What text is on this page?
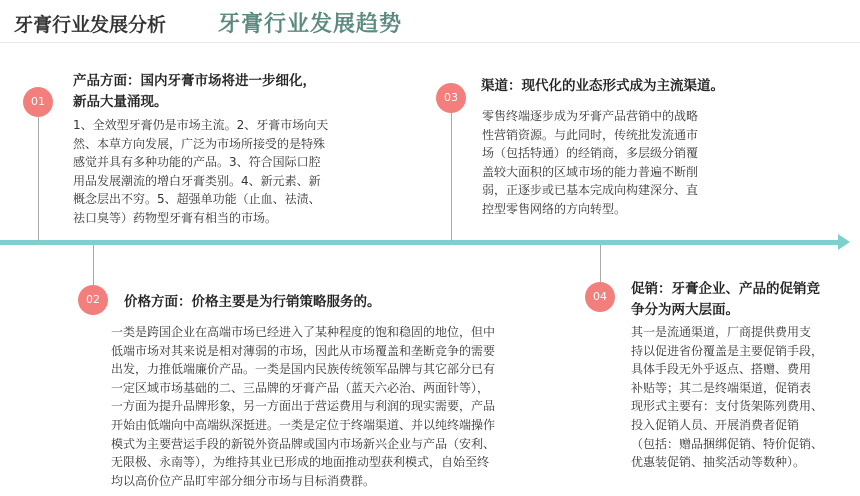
牙膏行业发展分析 牙膏行业发展趋势
01
产品方面：国内牙膏市场将进一步细化，
新品大量涌现。
1、全效型牙膏仍是市场主流。2、牙膏市场向天
然、本草方向发展，广泛为市场所接受的是特殊
感觉并具有多种功能的产品。3、符合国际口腔
用品发展潮流的增白牙膏类别。4、新元素、新
概念层出不穷。5、超强单功能（止血、祛渍、
祛口臭等）药物型牙膏有相当的市场。
02	价格方面：价格主要是为行销策略服务的。
一类是跨国企业在高端市场已经进入了某种程度的饱和稳固的地位，但中
低端市场对其来说是相对薄弱的市场，因此从市场覆盖和垄断竞争的需要
出发，力推低端廉价产品。一类是国内民族传统领军品牌与其它部分已有
一定区域市场基础的二、三品牌的牙膏产品（蓝天六必治、两面针等），
一方面为提升品牌形象，另一方面出于营运费用与利润的现实需要，产品
开始由低端向中高端纵深挺进。一类是定位于终端渠道、并以纯终端操作
模式为主要营运手段的新锐外资品牌或国内市场新兴企业与产品（安利、
无限极、永南等），为维持其业已形成的地面推动型获利模式，自始至终
均以高价位产品盯牢部分细分市场与目标消费群。
03
渠道：现代化的业态形式成为主流渠道。
零售终端逐步成为牙膏产品营销中的战略
性营销资源。与此同时，传统批发流通市
场（包括特通）的经销商，多层级分销覆
盖较大面积的区域市场的能力普遍不断削
弱，正逐步或已基本完成向构建深分、直
控型零售网络的方向转型。
04	促销：牙膏企业、产品的促销竞
争分为两大层面。
其一是流通渠道，厂商提供费用支
持以促进省份覆盖是主要促销手段，
具体手段无外乎返点、搭赠、费用
补贴等；其二是终端渠道，促销表
现形式主要有：支付货架陈列费用、
投入促销人员、开展消费者促销
（包括：赠品捆绑促销、特价促销、
优惠装促销、抽奖活动等数种）。
